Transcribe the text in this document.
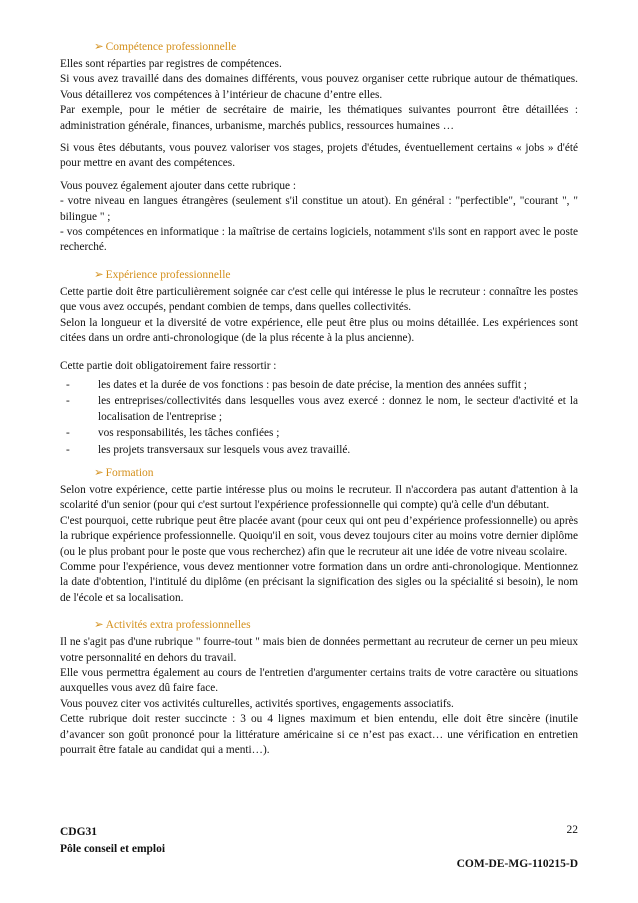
➢ Compétence professionnelle

Elles sont réparties par registres de compétences.

Si vous avez travaillé dans des domaines différents, vous pouvez organiser cette rubrique autour de thématiques. Vous détaillerez vos compétences à l’intérieur de chacune d’entre elles.

Par exemple, pour le métier de secrétaire de mairie, les thématiques suivantes pourront être détaillées : administration générale, finances, urbanisme, marchés publics, ressources humaines …

Si vous êtes débutants, vous pouvez valoriser vos stages, projets d'études, éventuellement certains « jobs » d'été pour mettre en avant des compétences.

Vous pouvez également ajouter dans cette rubrique :

- votre niveau en langues étrangères (seulement s'il constitue un atout). En général : "perfectible", "courant ", " bilingue " ;

- vos compétences en informatique : la maîtrise de certains logiciels, notamment s'ils sont en rapport avec le poste recherché.

➢ Expérience professionnelle

Cette partie doit être particulièrement soignée car c'est celle qui intéresse le plus le recruteur : connaître les postes que vous avez occupés, pendant combien de temps, dans quelles collectivités.

Selon la longueur et la diversité de votre expérience, elle peut être plus ou moins détaillée. Les expériences sont citées dans un ordre anti-chronologique (de la plus récente à la plus ancienne).

Cette partie doit obligatoirement faire ressortir :

- les dates et la durée de vos fonctions : pas besoin de date précise, la mention des années suffit ;
- les entreprises/collectivités dans lesquelles vous avez exercé : donnez le nom, le secteur d'activité et la localisation de l'entreprise ;
- vos responsabilités, les tâches confiées ;
- les projets transversaux sur lesquels vous avez travaillé.
➢ Formation

Selon votre expérience, cette partie intéresse plus ou moins le recruteur. Il n'accordera pas autant d'attention à la scolarité d'un senior (pour qui c'est surtout l'expérience professionnelle qui compte) qu'à celle d'un débutant.

C'est pourquoi, cette rubrique peut être placée avant (pour ceux qui ont peu d’expérience professionnelle) ou après la rubrique expérience professionnelle. Quoiqu'il en soit, vous devez toujours citer au moins votre dernier diplôme (ou le plus probant pour le poste que vous recherchez) afin que le recruteur ait une idée de votre niveau scolaire.

Comme pour l'expérience, vous devez mentionner votre formation dans un ordre anti-chronologique. Mentionnez la date d'obtention, l'intitulé du diplôme (en précisant la signification des sigles ou la spécialité si besoin), le nom de l'école et sa localisation.

➢ Activités extra professionnelles

Il ne s'agit pas d'une rubrique " fourre-tout " mais bien de données permettant au recruteur de cerner un peu mieux votre personnalité en dehors du travail.

Elle vous permettra également au cours de l'entretien d'argumenter certains traits de votre caractère ou situations auxquelles vous avez dû faire face.

Vous pouvez citer vos activités culturelles, activités sportives, engagements associatifs.

Cette rubrique doit rester succincte : 3 ou 4 lignes maximum et bien entendu, elle doit être sincère (inutile d’avancer son goût prononcé pour la littérature américaine si ce n’est pas exact… une vérification en entretien pourrait être fatale au candidat qui a menti…).

CDG31
Pôle conseil et emploi
22
COM-DE-MG-110215-D
